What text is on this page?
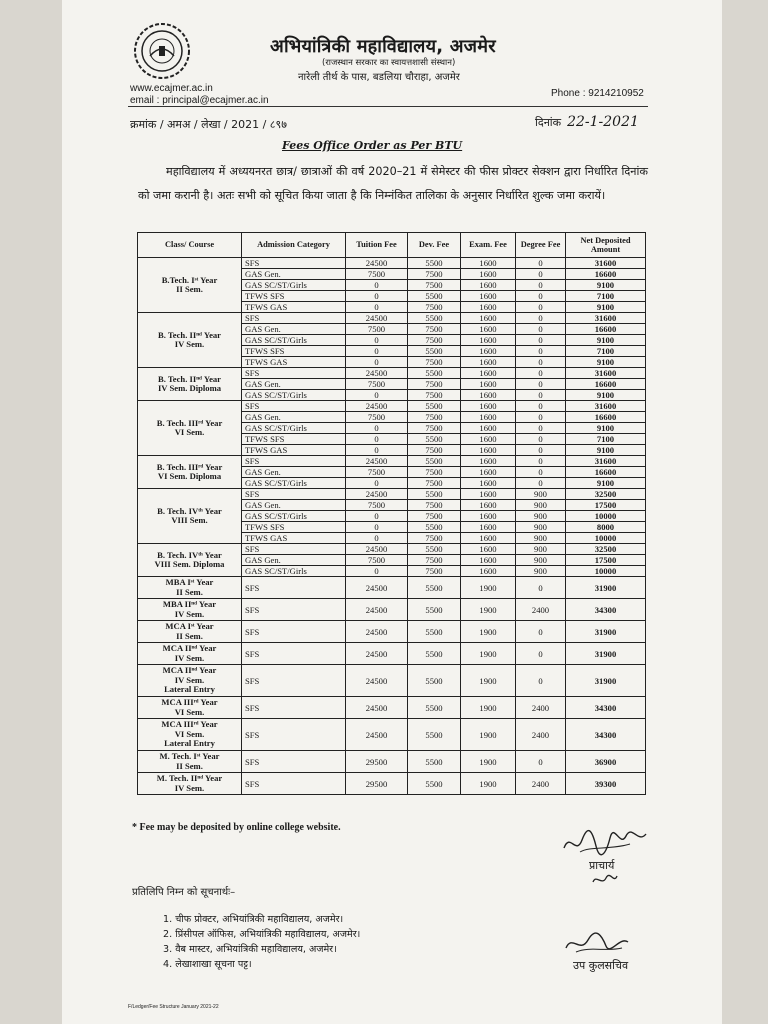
अभियांत्रिकी महाविद्यालय, अजमेर
(राजस्थान सरकार का स्वायत्तशासी संस्थान)
नारेली तीर्थ के पास, बडलिया चौराहा, अजमेर
www.ecajmer.ac.in
email : principal@ecajmer.ac.in
Phone : 9214210952
क्रमांक / अमअ / लेखा / 2021 / ८९७	दिनांक 22-1-2021
Fees Office Order as Per BTU
महाविद्यालय में अध्ययनरत छात्र/ छात्राओं की वर्ष 2020–21 में सेमेस्टर की फीस प्रोक्टर सेक्शन द्वारा निर्धारित दिनांक को जमा करानी है। अतः सभी को सूचित किया जाता है कि निम्नंकित तालिका के अनुसार निर्धारित शुल्क जमा करायें।
Class/ Course	Admission Category	Tuition Fee	Dev. Fee	Exam. Fee	Degree Fee	Net Deposited Amount
B.Tech. Iˢᵗ Year
II Sem.	SFS	24500	5500	1600	0	31600
	GAS Gen.	7500	7500	1600	0	16600
	GAS SC/ST/Girls	0	7500	1600	0	9100
	TFWS SFS	0	5500	1600	0	7100
	TFWS GAS	0	7500	1600	0	9100
B. Tech. IIⁿᵈ Year
IV Sem.	SFS	24500	5500	1600	0	31600
	GAS Gen.	7500	7500	1600	0	16600
	GAS SC/ST/Girls	0	7500	1600	0	9100
	TFWS SFS	0	5500	1600	0	7100
	TFWS GAS	0	7500	1600	0	9100
B. Tech. IIⁿᵈ Year
IV Sem. Diploma	SFS	24500	5500	1600	0	31600
	GAS Gen.	7500	7500	1600	0	16600
	GAS SC/ST/Girls	0	7500	1600	0	9100
B. Tech. IIIʳᵈ Year
VI Sem.	SFS	24500	5500	1600	0	31600
	GAS Gen.	7500	7500	1600	0	16600
	GAS SC/ST/Girls	0	7500	1600	0	9100
	TFWS SFS	0	5500	1600	0	7100
	TFWS GAS	0	7500	1600	0	9100
B. Tech. IIIʳᵈ Year
VI Sem. Diploma	SFS	24500	5500	1600	0	31600
	GAS Gen.	7500	7500	1600	0	16600
	GAS SC/ST/Girls	0	7500	1600	0	9100
B. Tech. IVᵗʰ Year
VIII Sem.	SFS	24500	5500	1600	900	32500
	GAS Gen.	7500	7500	1600	900	17500
	GAS SC/ST/Girls	0	7500	1600	900	10000
	TFWS SFS	0	5500	1600	900	8000
	TFWS GAS	0	7500	1600	900	10000
B. Tech. IVᵗʰ Year
VIII Sem. Diploma	SFS	24500	5500	1600	900	32500
	GAS Gen.	7500	7500	1600	900	17500
	GAS SC/ST/Girls	0	7500	1600	900	10000
MBA Iˢᵗ Year
II Sem.	SFS	24500	5500	1900	0	31900
MBA IIⁿᵈ Year
IV Sem.	SFS	24500	5500	1900	2400	34300
MCA Iˢᵗ Year
II Sem.	SFS	24500	5500	1900	0	31900
MCA IIⁿᵈ Year
IV Sem.	SFS	24500	5500	1900	0	31900
MCA IIⁿᵈ Year
IV Sem.
Lateral Entry	SFS	24500	5500	1900	0	31900
MCA IIIʳᵈ Year
VI Sem.	SFS	24500	5500	1900	2400	34300
MCA IIIʳᵈ Year
VI Sem.
Lateral Entry	SFS	24500	5500	1900	2400	34300
M. Tech. Iˢᵗ Year
II Sem.	SFS	29500	5500	1900	0	36900
M. Tech. IIⁿᵈ Year
IV Sem.	SFS	29500	5500	1900	2400	39300
* Fee may be deposited by online college website.
प्राचार्य
प्रतिलिपि निम्न को सूचनार्थः–
1. चीफ प्रोक्टर, अभियांत्रिकी महाविद्यालय, अजमेर।
2. प्रिंसीपल ऑफिस, अभियांत्रिकी महाविद्यालय, अजमेर।
3. वैब मास्टर, अभियांत्रिकी महाविद्यालय, अजमेर।
4. लेखाशाखा सूचना पट्ट।	उप कुलसचिव
F/Ledger/Fee Structure January 2021-22
